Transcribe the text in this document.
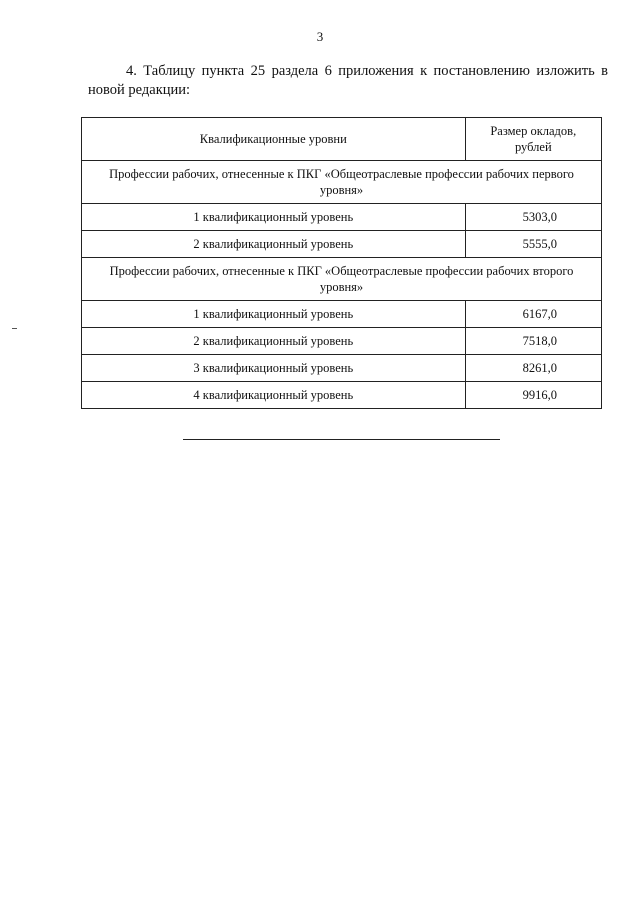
3

4. Таблицу пункта 25 раздела 6 приложения к постановлению изложить в новой редакции:

Квалификационные уровни	Размер окладов, рублей
Профессии рабочих, отнесенные к ПКГ «Общеотраслевые профессии рабочих первого уровня»	
1 квалификационный уровень	5303,0
2 квалификационный уровень	5555,0
Профессии рабочих, отнесенные к ПКГ «Общеотраслевые профессии рабочих второго уровня»	
1 квалификационный уровень	6167,0
2 квалификационный уровень	7518,0
3 квалификационный уровень	8261,0
4 квалификационный уровень	9916,0
